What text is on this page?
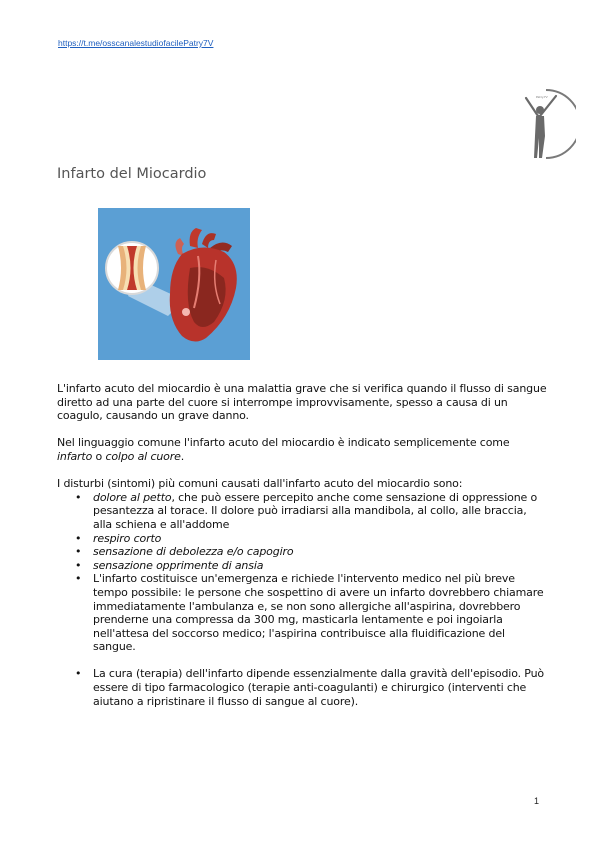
https://t.me/osscanalestudiofacilePatry7V
Patry7V
Infarto del Miocardio

L'infarto acuto del miocardio è una malattia grave che si verifica quando il flusso di sangue diretto ad una parte del cuore si interrompe improvvisamente, spesso a causa di un coagulo, causando un grave danno.

Nel linguaggio comune l'infarto acuto del miocardio è indicato semplicemente come infarto o colpo al cuore.

I disturbi (sintomi) più comuni causati dall'infarto acuto del miocardio sono:

• dolore al petto, che può essere percepito anche come sensazione di oppressione o pesantezza al torace. Il dolore può irradiarsi alla mandibola, al collo, alle braccia, alla schiena e all'addome
• respiro corto
• sensazione di debolezza e/o capogiro
• sensazione opprimente di ansia
• L'infarto costituisce un'emergenza e richiede l'intervento medico nel più breve tempo possibile: le persone che sospettino di avere un infarto dovrebbero chiamare immediatamente l'ambulanza e, se non sono allergiche all'aspirina, dovrebbero prenderne una compressa da 300 mg, masticarla lentamente e poi ingoiarla nell'attesa del soccorso medico; l'aspirina contribuisce alla fluidificazione del sangue.
• La cura (terapia) dell'infarto dipende essenzialmente dalla gravità dell'episodio. Può essere di tipo farmacologico (terapie anti-coagulanti) e chirurgico (interventi che aiutano a ripristinare il flusso di sangue al cuore).
1
